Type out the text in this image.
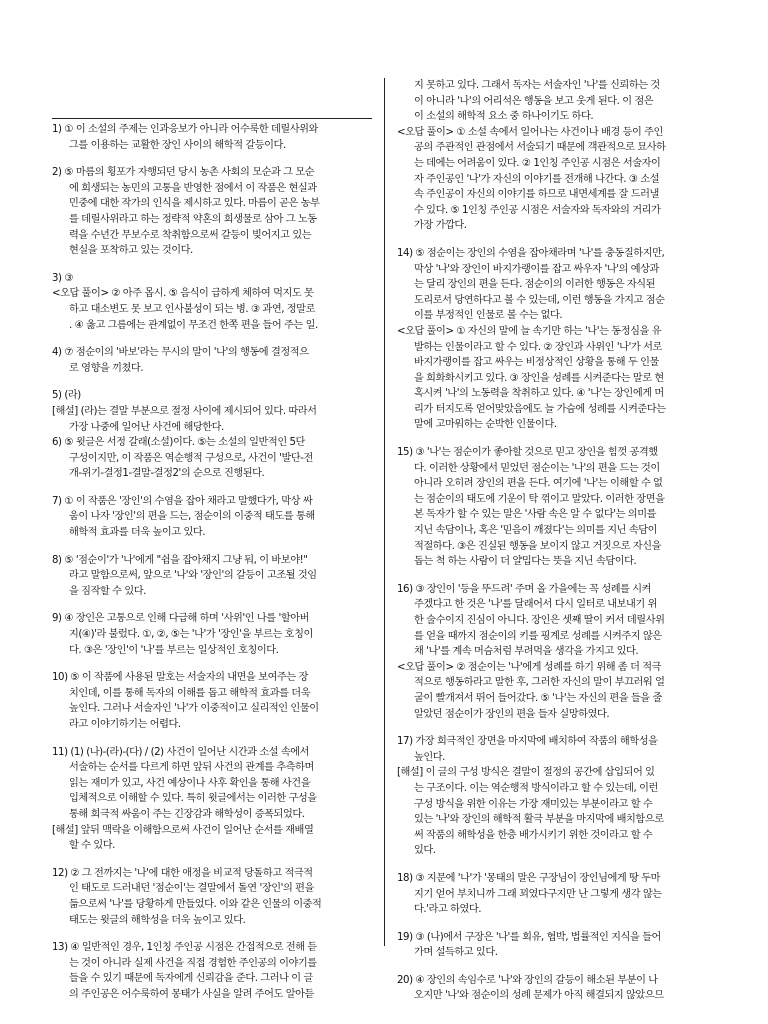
1) ① 이 소설의 주제는 인과응보가 아니라 어수룩한 데릴사위와
그를 이용하는 교활한 장인 사이의 해학적 갈등이다.
2) ⑤ 마름의 횡포가 자행되던 당시 농촌 사회의 모순과 그 모순
에 희생되는 농민의 고통을 반영한 점에서 이 작품은 현실과
민중에 대한 작가의 인식을 제시하고 있다. 마름이 곧은 농부
를 데릴사위라고 하는 정략적 약혼의 희생물로 삼아 그 노동
력을 수년간 무보수로 착취함으로써 갈등이 빚어지고 있는
현실을 포착하고 있는 것이다.
3) ③
<오답 풀이> ② 아주 몹시. ⑤ 음식이 급하게 체하여 먹지도 못
하고 대소변도 못 보고 인사불성이 되는 병. ③ 과연, 정말로
. ④ 옳고 그름에는 관계없이 무조건 한쪽 편을 들어 주는 일.
4) ⑦ 점순이의 '바보'라는 무시의 말이 '나'의 행동에 결정적으
로 영향을 끼쳤다.
5) (라)
[해설] (라)는 결말 부분으로 절정 사이에 제시되어 있다. 따라서
가장 나중에 일어난 사건에 해당한다.
6) ⑤ 윗글은 서정 갈래(소설)이다. ⑤는 소설의 일반적인 5단
구성이지만, 이 작품은 역순행적 구성으로, 사건이 '발단-전
개-위기-결정1-결말-결정2'의 순으로 진행된다.
7) ① 이 작품은 '장인'의 수염을 잡아 채라고 말했다가, 막상 싸
움이 나자 '장인'의 편을 드는, 점순이의 이중적 태도를 통해
해학적 효과를 더욱 높이고 있다.
8) ⑤ '점순이'가 '나'에게 "쉼을 잡아채지 그냥 둬, 이 바보야!"
라고 말함으로써, 앞으로 '나'와 '장인'의 갈등이 고조될 것임
을 짐작할 수 있다.
9) ④ 장인은 고통으로 인해 다급해 하며 '사위'인 나를 '할아버
지(④)'라 불렀다. ①, ②, ⑤는 '나'가 '장인'을 부르는 호칭이
다. ③은 '장인'이 '나'를 부르는 일상적인 호칭이다.
10) ⑤ 이 작품에 사용된 말호는 서술자의 내면을 보여주는 장
치인데, 이를 통해 독자의 이해를 돕고 해학적 효과를 더욱
높인다. 그러나 서술자인 '나'가 이중적이고 실리적인 인물이
라고 이야기하기는 어렵다.
11) (1) (나)-(라)-(다) / (2) 사건이 일어난 시간과 소설 속에서
서술하는 순서를 다르게 하면 앞뒤 사건의 관계를 추측하며
읽는 재미가 있고, 사건 예상이나 사후 확인을 통해 사건을
입체적으로 이해할 수 있다. 특히 윗글에서는 이러한 구성을
통해 희극적 싸움이 주는 긴장감과 해학성이 증폭되었다.
[해설] 앞뒤 맥락을 이해함으로써 사건이 일어난 순서를 재배열
할 수 있다.
12) ② 그 전까지는 '나'에 대한 애정을 비교적 당돌하고 적극적
인 태도로 드러내던 '점순이'는 결말에서 돌연 '장인'의 편을
듦으로써 '나'를 당황하게 만들었다. 이와 같은 인물의 이중적
태도는 윗글의 해학성을 더욱 높이고 있다.
13) ④ 일반적인 경우, 1인칭 주인공 시점은 간접적으로 전해 듣
는 것이 아니라 실제 사건을 직접 경험한 주인공의 이야기를
들을 수 있기 때문에 독자에게 신뢰감을 준다. 그러나 이 글
의 주인공은 어수룩하여 몽태가 사실을 알려 주어도 알아듣
지 못하고 있다. 그래서 독자는 서술자인 '나'를 신뢰하는 것
이 아니라 '나'의 어리석은 행동을 보고 웃게 된다. 이 점은
이 소설의 해학적 요소 중 하나이기도 하다.
<오답 풀이> ① 소설 속에서 일어나는 사건이나 배경 등이 주인
공의 주관적인 관점에서 서술되기 때문에 객관적으로 묘사하
는 데에는 어려움이 있다. ② 1인칭 주인공 시점은 서술자이
자 주인공인 '나'가 자신의 이야기를 전개해 나간다. ③ 소설
속 주인공이 자신의 이야기를 하므로 내면세계를 잘 드러낼
수 있다. ⑤ 1인칭 주인공 시점은 서술자와 독자와의 거리가
가장 가깝다.
14) ⑤ 점순이는 장인의 수염을 잡아채라며 '나'를 충동질하지만,
막상 '나'와 장인이 바지가랭이를 잡고 싸우자 '나'의 예상과
는 달리 장인의 편을 든다. 점순이의 이러한 행동은 자식된
도리로서 당연하다고 볼 수 있는데, 이런 행동을 가지고 점순
이를 부정적인 인물로 볼 수는 없다.
<오답 풀이> ① 자신의 말에 늘 속기만 하는 '나'는 동정심을 유
발하는 인물이라고 할 수 있다. ② 장인과 사위인 '나'가 서로
바지가랭이를 잡고 싸우는 비정상적인 상황을 통해 두 인물
을 희화화시키고 있다. ③ 장인을 성례를 시켜준다는 말로 현
혹시켜 '나'의 노동력을 착취하고 있다. ④ '나'는 장인에게 머
리가 터지도록 얻어맞았음에도 늘 가슴에 성례를 시켜준다는
말에 고마워하는 순박한 인물이다.
15) ③ '나'는 점순이가 좋아할 것으로 믿고 장인을 힘껏 공격했
다. 이러한 상황에서 믿었던 점순이는 '나'의 편을 드는 것이
아니라 오히려 장인의 편을 든다. 여기에 '나'는 이해할 수 없
는 점순이의 태도에 기운이 탁 꺾이고 말았다. 이러한 장면을
본 독자가 할 수 있는 말은 '사람 속은 알 수 없다'는 의미를
지닌 속담이나, 혹은 '믿음이 깨졌다'는 의미를 지닌 속담이
적절하다. ③은 진실된 행동을 보이지 않고 거짓으로 자신을
돕는 척 하는 사람이 더 얄밉다는 뜻을 지닌 속담이다.
16) ③ 장인이 '등을 뚜드려' 주며 올 가을에는 꼭 성례를 시켜
주겠다고 한 것은 '나'를 달래어서 다시 일터로 내보내기 위
한 술수이지 진심이 아니다. 장인은 셋째 딸이 커서 데릴사위
를 얻을 때까지 점순이의 키를 핑계로 성례를 시켜주지 않은
채 '나'를 계속 머슴처럼 부려먹을 생각을 가지고 있다.
<오답 풀이> ② 점순이는 '나'에게 성례를 하기 위해 좀 더 적극
적으로 행동하라고 말한 후, 그러한 자신의 말이 부끄러워 얼
굴이 빨개져서 뛰어 들어갔다. ⑤ '나'는 자신의 편을 들을 줄
알았던 점순이가 장인의 편을 들자 실망하였다.
17) 가장 희극적인 장면을 마지막에 배치하여 작품의 해학성을
높인다.
[해설] 이 글의 구성 방식은 결말이 절정의 공간에 삽입되어 있
는 구조이다. 이는 역순행적 방식이라고 할 수 있는데, 이런
구성 방식을 위한 이유는 가장 재미있는 부분이라고 할 수
있는 '나'와 장인의 해학적 활극 부분을 마지막에 배치함으로
써 작품의 해학성을 한층 배가시키기 위한 것이라고 할 수
있다.
18) ③ 지문에 '나'가 '몽태의 말은 구장님이 장인님에게 땅 두마
지기 얻어 부치니까 그래 꾀였다구지만 난 그렇게 생각 않는
다.'라고 하였다.
19) ③ (나)에서 구장은 '나'를 회유, 협박, 법률적인 지식을 들어
가며 설득하고 있다.
20) ④ 장인의 속임수로 '나'와 장인의 갈등이 해소된 부분이 나
오지만 '나'와 점순이의 성례 문제가 아직 해결되지 않았으므
